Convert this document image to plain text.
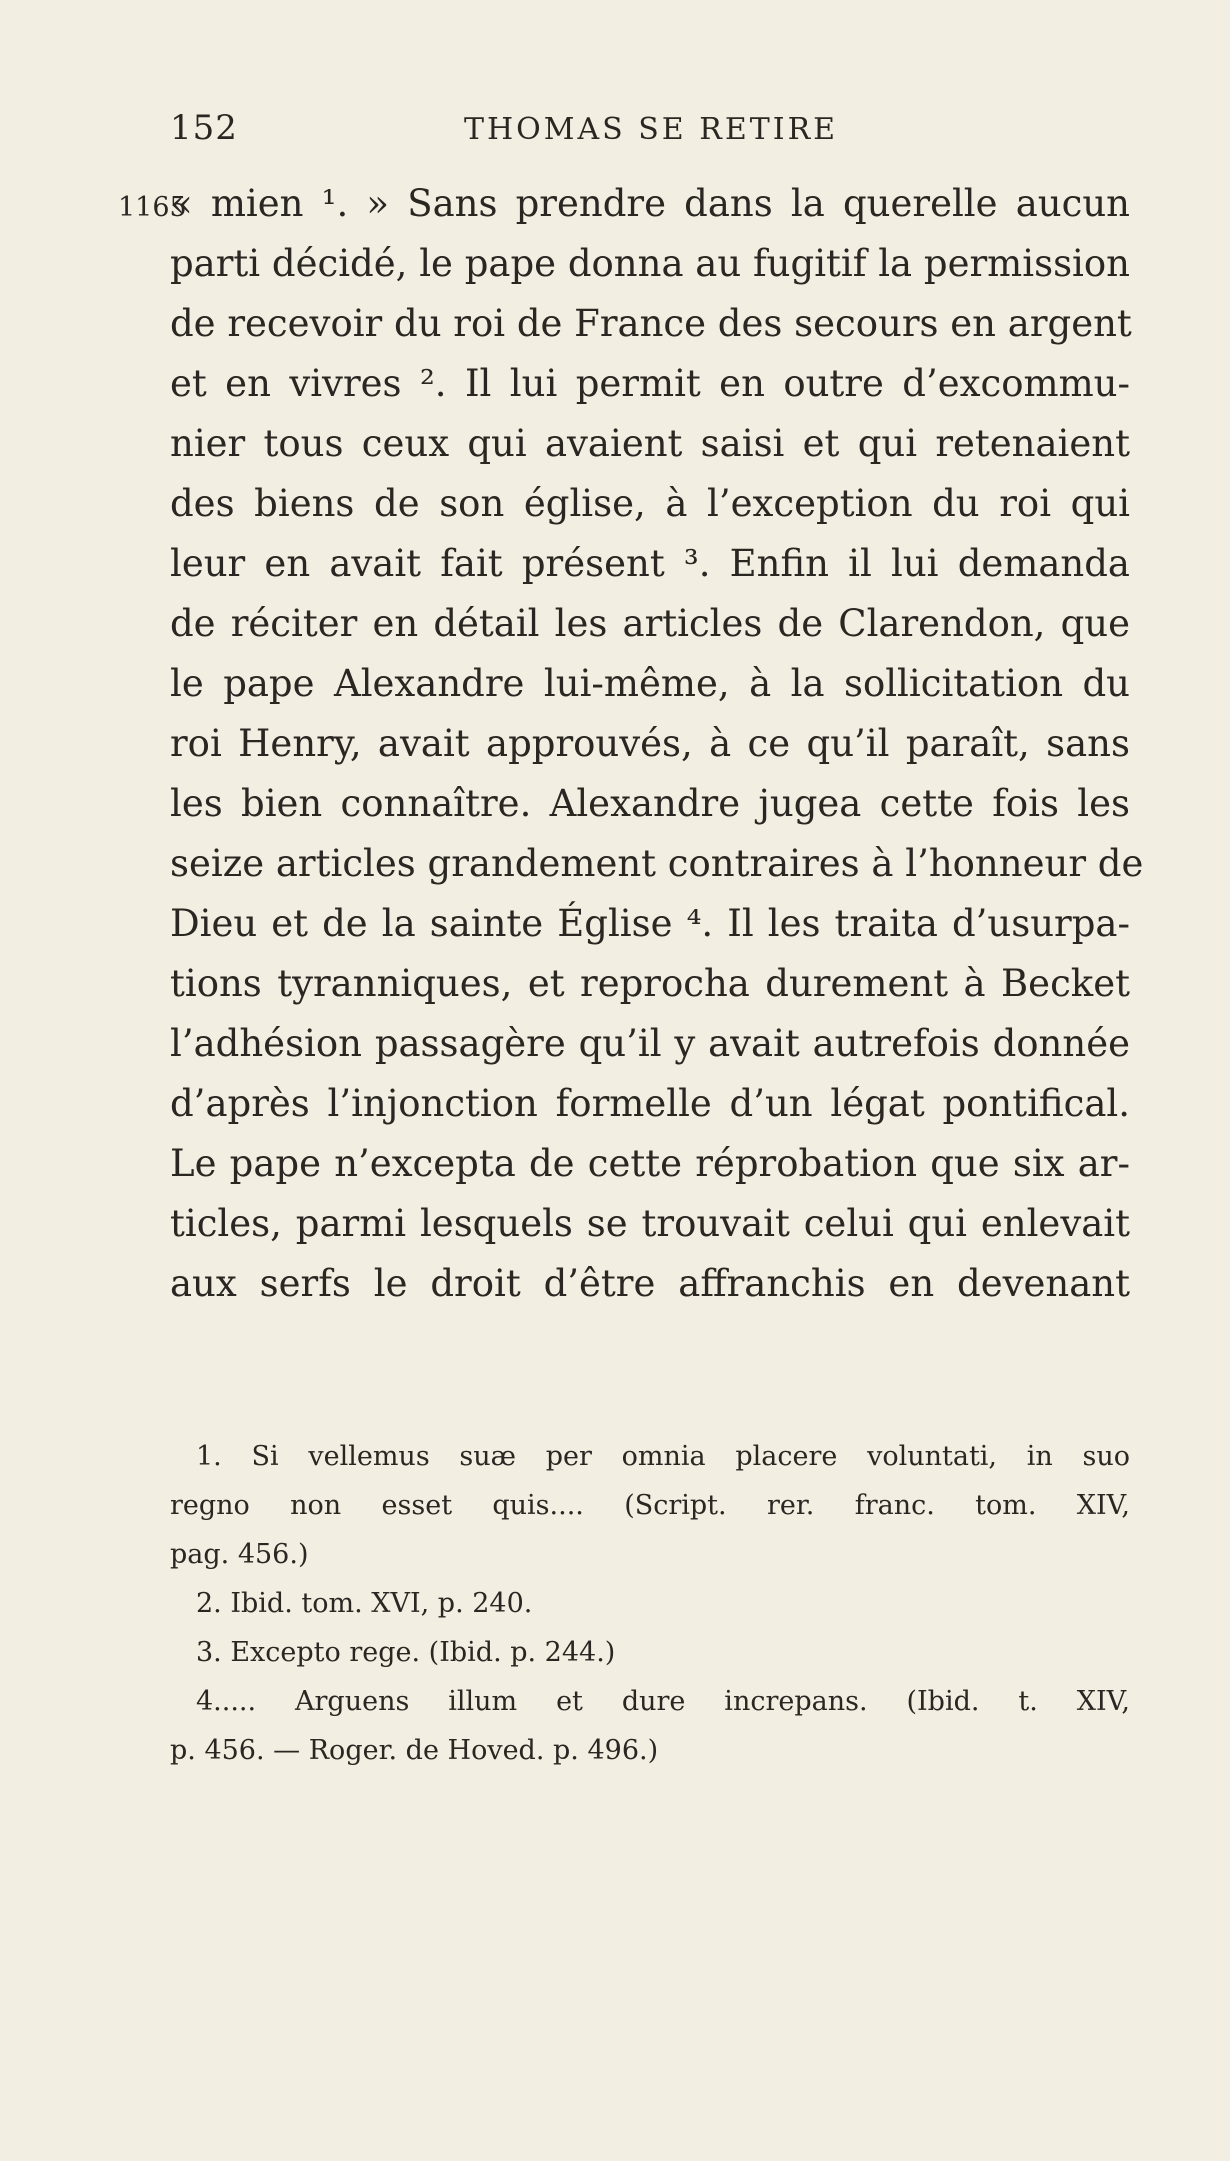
152	THOMAS SE RETIRE
1165
« mien ¹. » Sans prendre dans la querelle aucun
parti décidé, le pape donna au fugitif la permission
de recevoir du roi de France des secours en argent
et en vivres ². Il lui permit en outre d’excommu-
nier tous ceux qui avaient saisi et qui retenaient
des biens de son église, à l’exception du roi qui
leur en avait fait présent ³. Enfin il lui demanda
de réciter en détail les articles de Clarendon, que
le pape Alexandre lui-même, à la sollicitation du
roi Henry, avait approuvés, à ce qu’il paraît, sans
les bien connaître. Alexandre jugea cette fois les
seize articles grandement contraires à l’honneur de
Dieu et de la sainte Église ⁴. Il les traita d’usurpa-
tions tyranniques, et reprocha durement à Becket
l’adhésion passagère qu’il y avait autrefois donnée
d’après l’injonction formelle d’un légat pontifical.
Le pape n’excepta de cette réprobation que six ar-
ticles, parmi lesquels se trouvait celui qui enlevait
aux serfs le droit d’être affranchis en devenant
1. Si vellemus suæ per omnia placere voluntati, in suo
regno non esset quis.... (Script. rer. franc. tom. XIV,
pag. 456.)
2. Ibid. tom. XVI, p. 240.
3. Excepto rege. (Ibid. p. 244.)
4..... Arguens illum et dure increpans. (Ibid. t. XIV,
p. 456. — Roger. de Hoved. p. 496.)
